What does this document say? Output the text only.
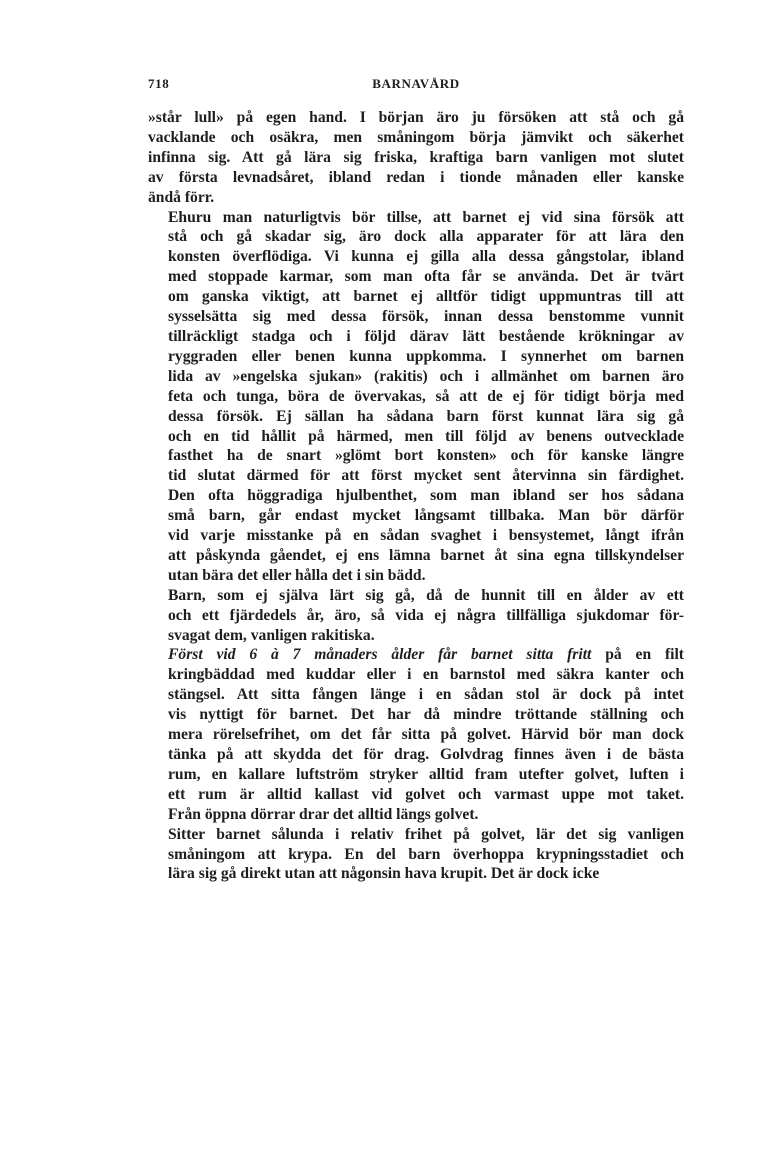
718	BARNAVÅRD

»står lull» på egen hand. I början äro ju försöken att stå och gå
vacklande och osäkra, men småningom börja jämvikt och säkerhet
infinna sig. Att gå lära sig friska, kraftiga barn vanligen mot slutet
av första levnadsåret, ibland redan i tionde månaden eller kanske
ändå förr.

Ehuru man naturligtvis bör tillse, att barnet ej vid sina försök att
stå och gå skadar sig, äro dock alla apparater för att lära den
konsten överflödiga. Vi kunna ej gilla alla dessa gångstolar, ibland
med stoppade karmar, som man ofta får se använda. Det är tvärt
om ganska viktigt, att barnet ej alltför tidigt uppmuntras till att
sysselsätta sig med dessa försök, innan dessa benstomme vunnit
tillräckligt stadga och i följd därav lätt bestående krökningar av
ryggraden eller benen kunna uppkomma. I synnerhet om barnen
lida av »engelska sjukan» (rakitis) och i allmänhet om barnen äro
feta och tunga, böra de övervakas, så att de ej för tidigt börja med
dessa försök. Ej sällan ha sådana barn först kunnat lära sig gå
och en tid hållit på härmed, men till följd av benens outvecklade
fasthet ha de snart »glömt bort konsten» och för kanske längre
tid slutat därmed för att först mycket sent återvinna sin färdighet.
Den ofta höggradiga hjulbenthet, som man ibland ser hos sådana
små barn, går endast mycket långsamt tillbaka. Man bör därför
vid varje misstanke på en sådan svaghet i bensystemet, långt ifrån
att påskynda gåendet, ej ens lämna barnet åt sina egna tillskyndelser
utan bära det eller hålla det i sin bädd.

Barn, som ej själva lärt sig gå, då de hunnit till en ålder av ett
och ett fjärdedels år, äro, så vida ej några tillfälliga sjukdomar för-
svagat dem, vanligen rakitiska.

Först vid 6 à 7 månaders ålder får barnet sitta fritt på en filt
kringbäddad med kuddar eller i en barnstol med säkra kanter och
stängsel. Att sitta fången länge i en sådan stol är dock på intet
vis nyttigt för barnet. Det har då mindre tröttande ställning och
mera rörelsefrihet, om det får sitta på golvet. Härvid bör man dock
tänka på att skydda det för drag. Golvdrag finnes även i de bästa
rum, en kallare luftström stryker alltid fram utefter golvet, luften i
ett rum är alltid kallast vid golvet och varmast uppe mot taket.
Från öppna dörrar drar det alltid längs golvet.

Sitter barnet sålunda i relativ frihet på golvet, lär det sig vanligen
småningom att krypa. En del barn överhoppa krypningsstadiet och
lära sig gå direkt utan att någonsin hava krupit. Det är dock icke
